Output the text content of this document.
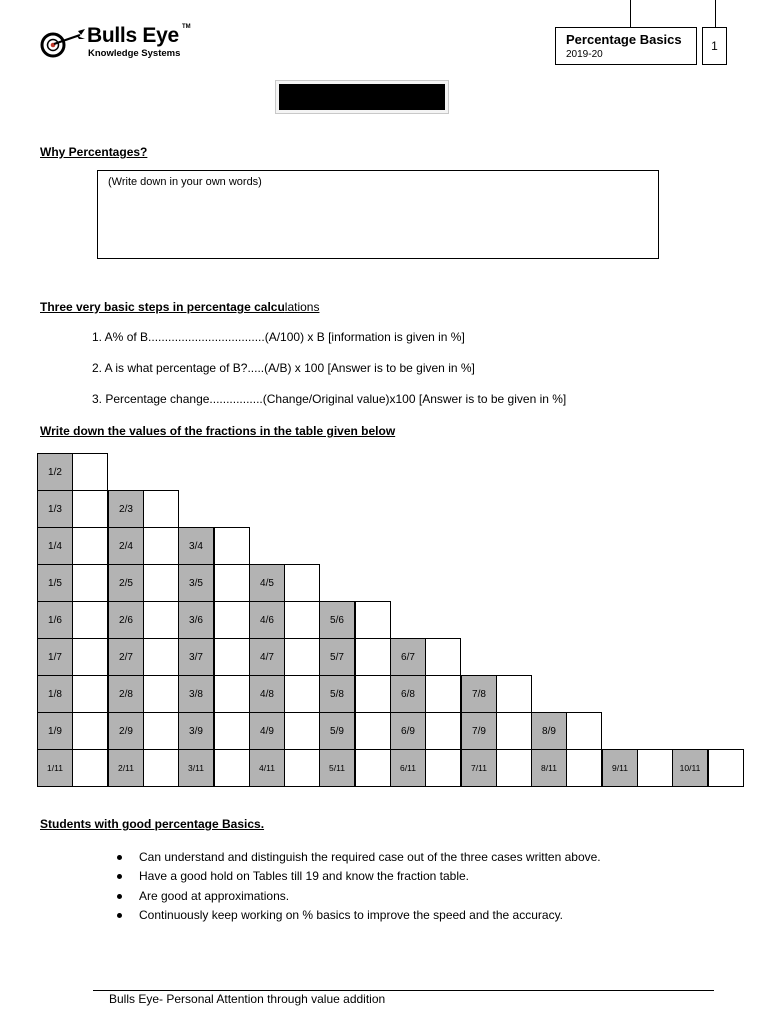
Bulls Eye TM
Knowledge Systems
Percentage Basics
2019-20
1
Why Percentages?
(Write down in your own words)
Three very basic steps in percentage calculations
1. A% of B...................................(A/100) x B [information is given in %]
2. A is what percentage of B?.....(A/B) x 100 [Answer is to be given in %]
3. Percentage change................(Change/Original value)x100 [Answer is to be given in %]
Write down the values of the fractions in the table given below
1/2
1/3	2/3
1/4	2/4	3/4
1/5	2/5	3/5	4/5
1/6	2/6	3/6	4/6	5/6
1/7	2/7	3/7	4/7	5/7	6/7
1/8	2/8	3/8	4/8	5/8	6/8	7/8
1/9	2/9	3/9	4/9	5/9	6/9	7/9	8/9
1/11	2/11	3/11	4/11	5/11	6/11	7/11	8/11	9/11	10/11
Students with good percentage Basics.
Can understand and distinguish the required case out of the three cases written above.
Have a good hold on Tables till 19 and know the fraction table.
Are good at approximations.
Continuously keep working on % basics to improve the speed and the accuracy.
Bulls Eye- Personal Attention through value addition
